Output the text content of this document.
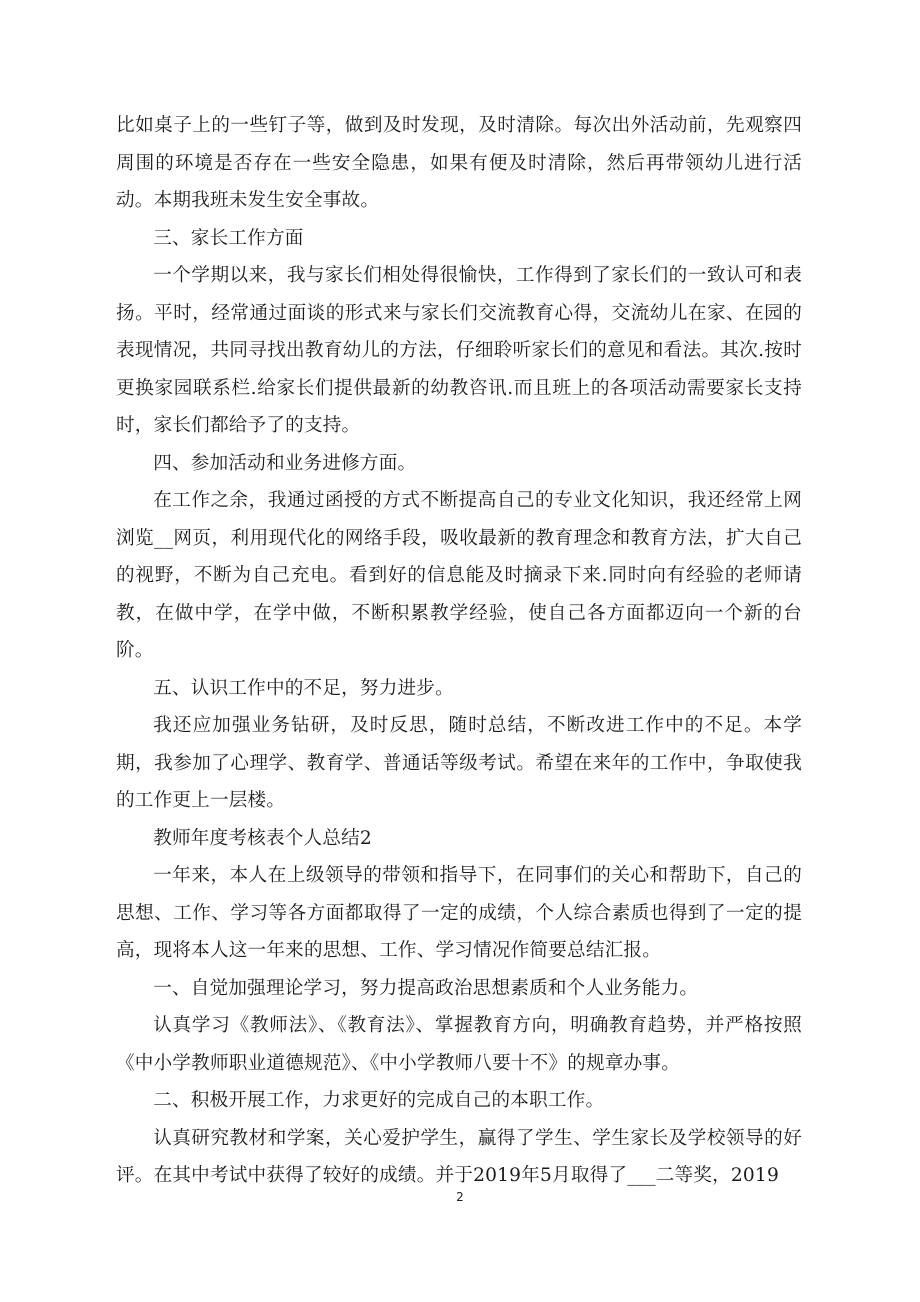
比如桌子上的一些钉子等，做到及时发现，及时清除。每次出外活动前，先观察四周围的环境是否存在一些安全隐患，如果有便及时清除，然后再带领幼儿进行活动。本期我班未发生安全事故。

三、家长工作方面

一个学期以来，我与家长们相处得很愉快，工作得到了家长们的一致认可和表扬。平时，经常通过面谈的形式来与家长们交流教育心得，交流幼儿在家、在园的表现情况，共同寻找出教育幼儿的方法，仔细聆听家长们的意见和看法。其次.按时更换家园联系栏.给家长们提供最新的幼教咨讯.而且班上的各项活动需要家长支持时，家长们都给予了的支持。

四、参加活动和业务进修方面。

在工作之余，我通过函授的方式不断提高自己的专业文化知识，我还经常上网浏览__网页，利用现代化的网络手段，吸收最新的教育理念和教育方法，扩大自己的视野，不断为自己充电。看到好的信息能及时摘录下来.同时向有经验的老师请教，在做中学，在学中做，不断积累教学经验，使自己各方面都迈向一个新的台阶。

五、认识工作中的不足，努力进步。

我还应加强业务钻研，及时反思，随时总结，不断改进工作中的不足。本学期，我参加了心理学、教育学、普通话等级考试。希望在来年的工作中，争取使我的工作更上一层楼。

教师年度考核表个人总结2

一年来，本人在上级领导的带领和指导下，在同事们的关心和帮助下，自己的思想、工作、学习等各方面都取得了一定的成绩，个人综合素质也得到了一定的提高，现将本人这一年来的思想、工作、学习情况作简要总结汇报。

一、自觉加强理论学习，努力提高政治思想素质和个人业务能力。

认真学习《教师法》、《教育法》、掌握教育方向，明确教育趋势，并严格按照《中小学教师职业道德规范》、《中小学教师八要十不》的规章办事。

二、积极开展工作，力求更好的完成自己的本职工作。

认真研究教材和学案，关心爱护学生，赢得了学生、学生家长及学校领导的好评。在其中考试中获得了较好的成绩。并于2019年5月取得了___二等奖，2019

2
